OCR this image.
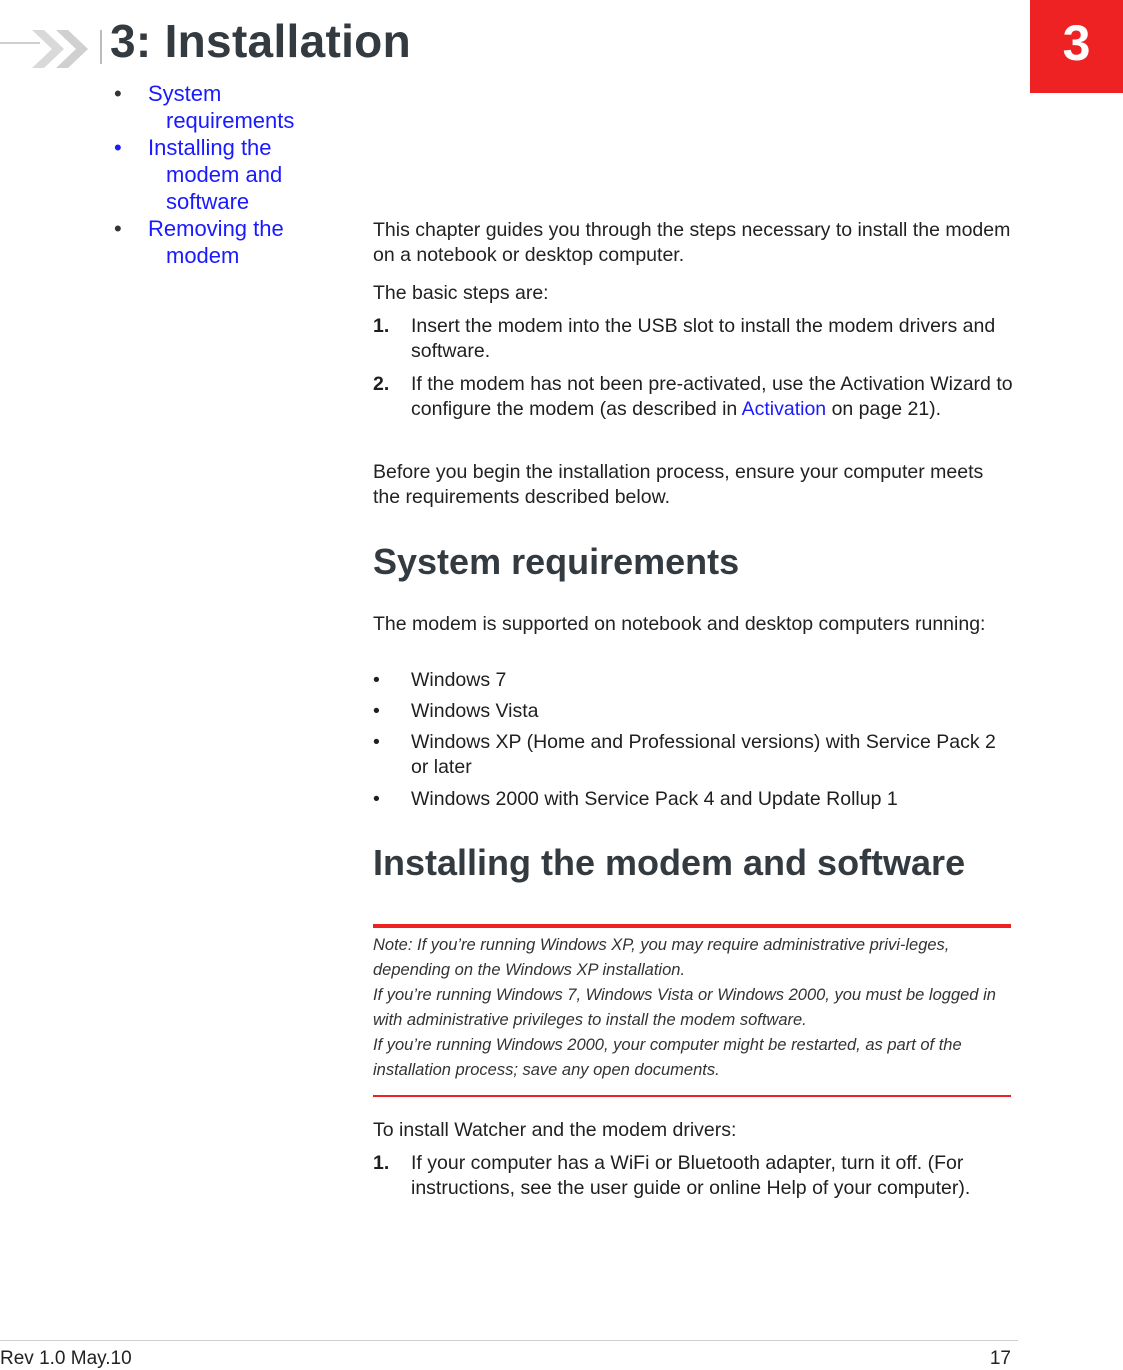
3: Installation	3
• System requirements
• Installing the modem and software
• Removing the modem

This chapter guides you through the steps necessary to install the modem on a notebook or desktop computer.

The basic steps are:

1. Insert the modem into the USB slot to install the modem drivers and software.
2. If the modem has not been pre-activated, use the Activation Wizard to configure the modem (as described in Activation on page 21).

Before you begin the installation process, ensure your computer meets the requirements described below.

System requirements

The modem is supported on notebook and desktop computers running:

• Windows 7
• Windows Vista
• Windows XP (Home and Professional versions) with Service Pack 2 or later
• Windows 2000 with Service Pack 4 and Update Rollup 1
Installing the modem and software

Note: If you’re running Windows XP, you may require administrative privi-leges, depending on the Windows XP installation.

If you’re running Windows 7, Windows Vista or Windows 2000, you must be logged in with administrative privileges to install the modem software.

If you’re running Windows 2000, your computer might be restarted, as part of the installation process; save any open documents.

To install Watcher and the modem drivers:

1. If your computer has a WiFi or Bluetooth adapter, turn it off. (For instructions, see the user guide or online Help of your computer).
Rev 1.0 May.10	17
